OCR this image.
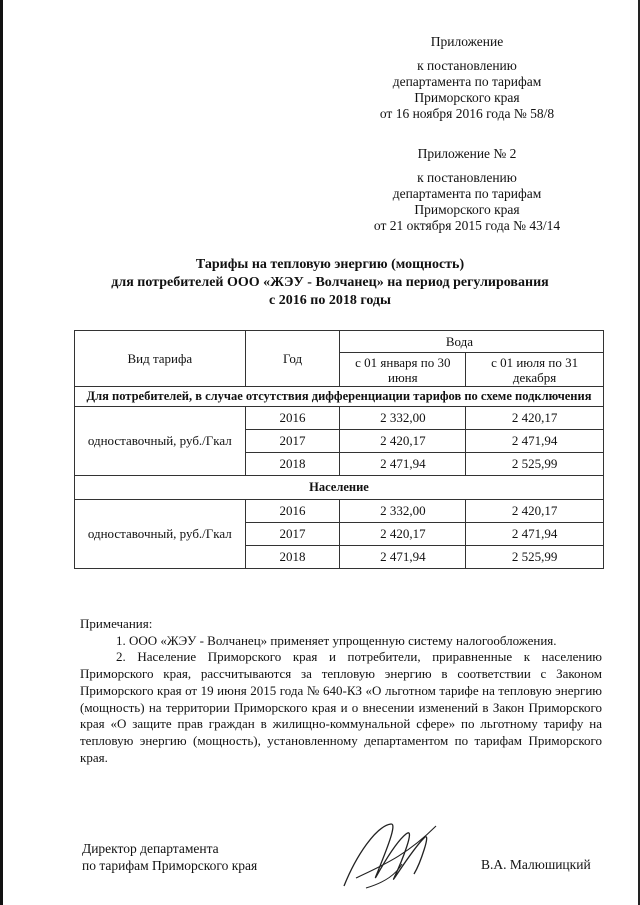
Приложение
к постановлению
департамента по тарифам
Приморского края
от 16 ноября 2016 года № 58/8
Приложение № 2
к постановлению
департамента по тарифам
Приморского края
от 21 октября 2015 года № 43/14
Тарифы на тепловую энергию (мощность)
для потребителей ООО «ЖЭУ - Волчанец» на период регулирования
с 2016 по 2018 годы
Вид тарифа	Год	Вода	
		с 01 января по 30 июня	с 01 июля по 31 декабря
Для потребителей, в случае отсутствия дифференциации тарифов по схеме подключения			
одноставочный, руб./Гкал	2016	2 332,00	2 420,17
	2017	2 420,17	2 471,94
	2018	2 471,94	2 525,99
Население			
одноставочный, руб./Гкал	2016	2 332,00	2 420,17
	2017	2 420,17	2 471,94
	2018	2 471,94	2 525,99

Примечания:

1. ООО «ЖЭУ - Волчанец» применяет упрощенную систему налогообложения.

2. Население Приморского края и потребители, приравненные к населению Приморского края, рассчитываются за тепловую энергию в соответствии с Законом Приморского края от 19 июня 2015 года № 640-КЗ «О льготном тарифе на тепловую энергию (мощность) на территории Приморского края и о внесении изменений в Закон Приморского края «О защите прав граждан в жилищно-коммунальной сфере» по льготному тарифу на тепловую энергию (мощность), установленному департаментом по тарифам Приморского края.

Директор департамента
по тарифам Приморского края	В.А. Малюшицкий
